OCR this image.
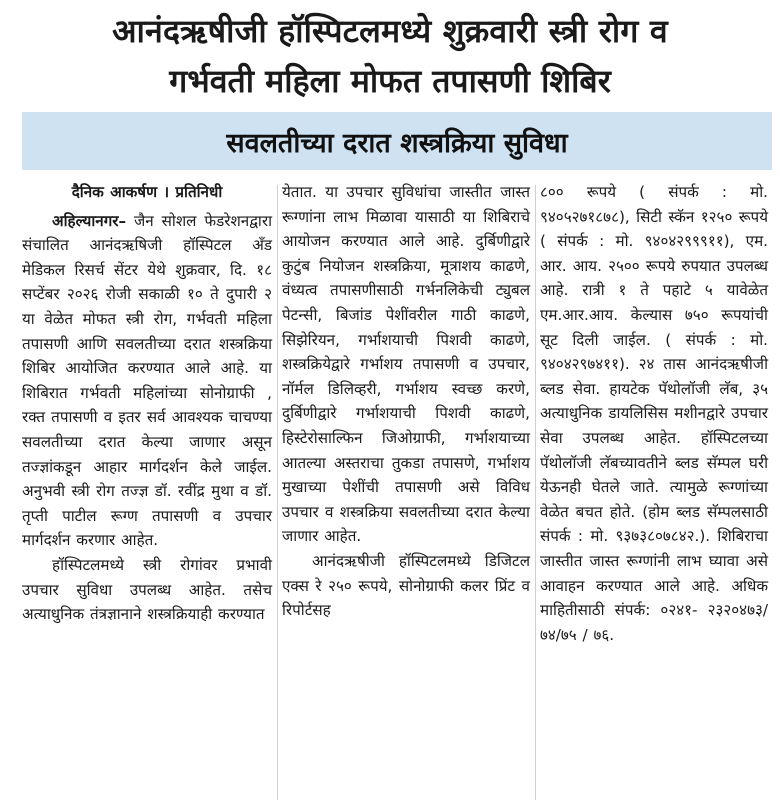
आनंदऋषीजी हॉस्पिटलमध्ये शुक्रवारी स्त्री रोग व
गर्भवती महिला मोफत तपासणी शिबिर
सवलतीच्या दरात शस्त्रक्रिया सुविधा

दैनिक आकर्षण । प्रतिनिधी

अहिल्यानगर– जैन सोशल फेडरेशनद्वारा संचालित आनंदऋषिजी हॉस्पिटल अँड मेडिकल रिसर्च सेंटर येथे शुक्रवार, दि. १८ सप्टेंबर २०२६ रोजी सकाळी १० ते दुपारी २ या वेळेत मोफत स्त्री रोग, गर्भवती महिला तपासणी आणि सवलतीच्या दरात शस्त्रक्रिया शिबिर आयोजित करण्यात आले आहे. या शिबिरात गर्भवती महिलांच्या सोनोग्राफी , रक्त तपासणी व इतर सर्व आवश्यक चाचण्या सवलतीच्या दरात केल्या जाणार असून तज्ज्ञांकडून आहार मार्गदर्शन केले जाईल. अनुभवी स्त्री रोग तज्ज्ञ डॉ. रवींद्र मुथा व डॉ. तृप्ती पाटील रूग्ण तपासणी व उपचार मार्गदर्शन करणार आहेत.

हॉस्पिटलमध्ये स्त्री रोगांवर प्रभावी उपचार सुविधा उपलब्ध आहेत. तसेच अत्याधुनिक तंत्रज्ञानाने शस्त्रक्रियाही करण्यात

येतात. या उपचार सुविधांचा जास्तीत जास्त रूग्णांना लाभ मिळावा यासाठी या शिबिराचे आयोजन करण्यात आले आहे. दुर्बिणीद्वारे कुटुंब नियोजन शस्त्रक्रिया, मूत्राशय काढणे, वंध्यत्व तपासणीसाठी गर्भनलिकेची ट्युबल पेटन्सी, बिजांड पेशींवरील गाठी काढणे, सिझेरियन, गर्भाशयाची पिशवी काढणे, शस्त्रक्रियेद्वारे गर्भाशय तपासणी व उपचार, नॉर्मल डिलिव्हरी, गर्भाशय स्वच्छ करणे, दुर्बिणीद्वारे गर्भाशयाची पिशवी काढणे, हिस्टेरोसाल्फिन जिओग्राफी, गर्भाशयाच्या आतल्या अस्तराचा तुकडा तपासणे, गर्भाशय मुखाच्या पेशींची तपासणी असे विविध उपचार व शस्त्रक्रिया सवलतीच्या दरात केल्या जाणार आहेत.

आनंदऋषीजी हॉस्पिटलमध्ये डिजिटल एक्स रे २५० रूपये, सोनोग्राफी कलर प्रिंट व रिपोर्टसह

८०० रूपये ( संपर्क : मो. ९४०५२७१८७८), सिटी स्कॅन १२५० रूपये ( संपर्क : मो. ९४०४२९९९११), एम. आर. आय. २५०० रूपये रुपयात उपलब्ध आहे. रात्री १ ते पहाटे ५ यावेळेत एम.आर.आय. केल्यास ७५० रूपयांची सूट दिली जाईल. ( संपर्क : मो. ९४०४२९७४११). २४ तास आनंदऋषीजी ब्लड सेवा. हायटेक पॅथोलॉजी लॅब, ३५ अत्याधुनिक डायलिसिस मशीनद्वारे उपचार सेवा उपलब्ध आहेत. हॉस्पिटलच्या पॅथोलॉजी लॅबच्यावतीने ब्लड सॅम्पल घरी येऊनही घेतले जाते. त्यामुळे रूग्णांच्या वेळेत बचत होते. (होम ब्लड सॅम्पलसाठी संपर्क : मो. ९३७३८०७८४२.). शिबिराचा जास्तीत जास्त रूग्णांनी लाभ घ्यावा असे आवाहन करण्यात आले आहे. अधिक माहितीसाठी संपर्क: ०२४१- २३२०४७३/ ७४/७५ / ७६.
